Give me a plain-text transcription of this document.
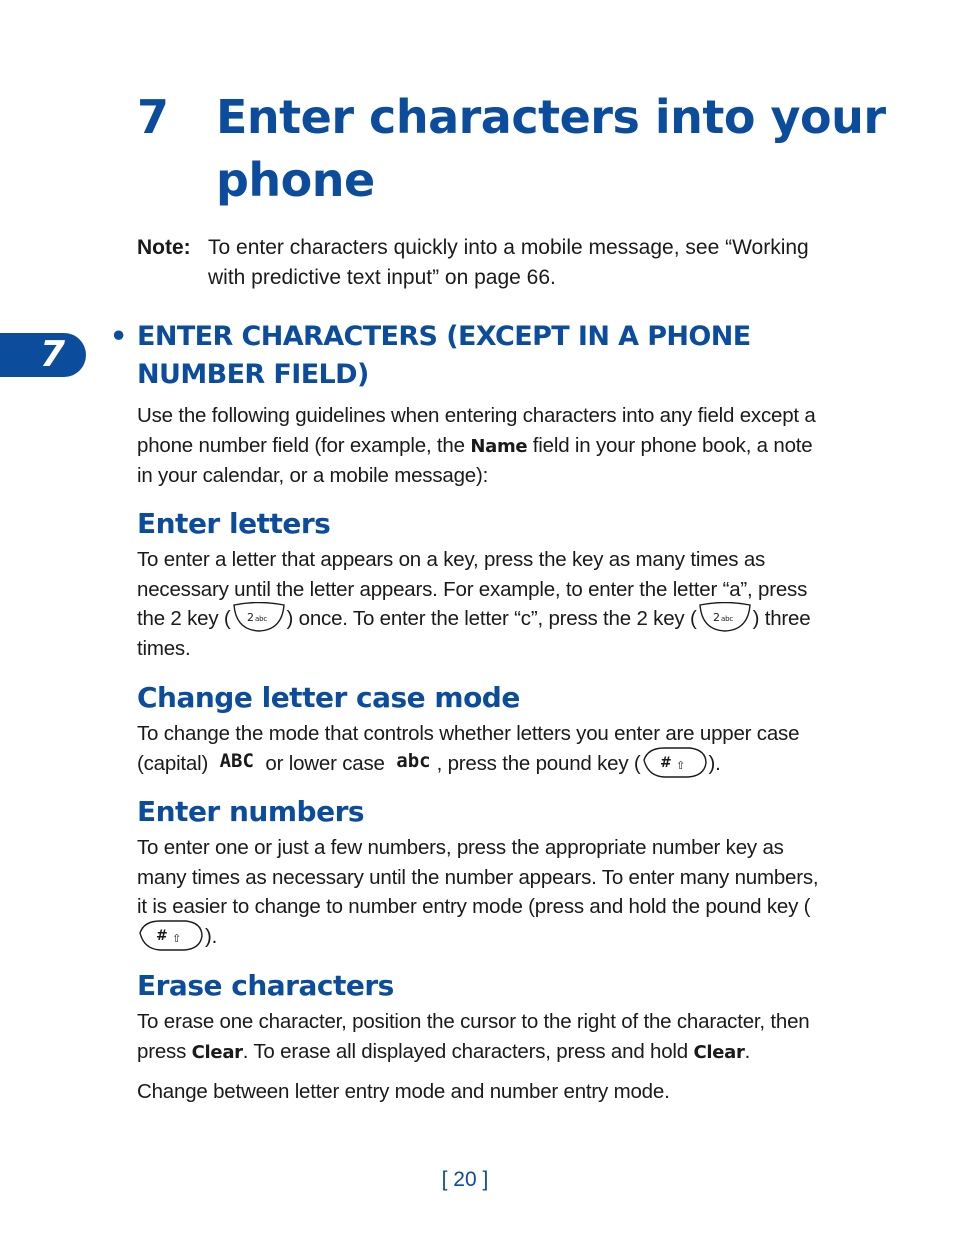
7 Enter characters into your phone
Note: To enter characters quickly into a mobile message, see “Working with predictive text input” on page 66.
7 • ENTER CHARACTERS (EXCEPT IN A PHONE NUMBER FIELD)
Use the following guidelines when entering characters into any field except a phone number field (for example, the Name field in your phone book, a note in your calendar, or a mobile message):
Enter letters
To enter a letter that appears on a key, press the key as many times as necessary until the letter appears. For example, to enter the letter “a”, press the 2 key ( 2 abc ) once. To enter the letter “c”, press the 2 key ( 2 abc ) three times.
Change letter case mode
To change the mode that controls whether letters you enter are upper case (capital) ABC or lower case abc , press the pound key ( # ⇧ ).
Enter numbers
To enter one or just a few numbers, press the appropriate number key as many times as necessary until the number appears. To enter many numbers, it is easier to change to number entry mode (press and hold the pound key (
# ⇧ ).
Erase characters
To erase one character, position the cursor to the right of the character, then press Clear. To erase all displayed characters, press and hold Clear.
Change between letter entry mode and number entry mode.
[ 20 ]
